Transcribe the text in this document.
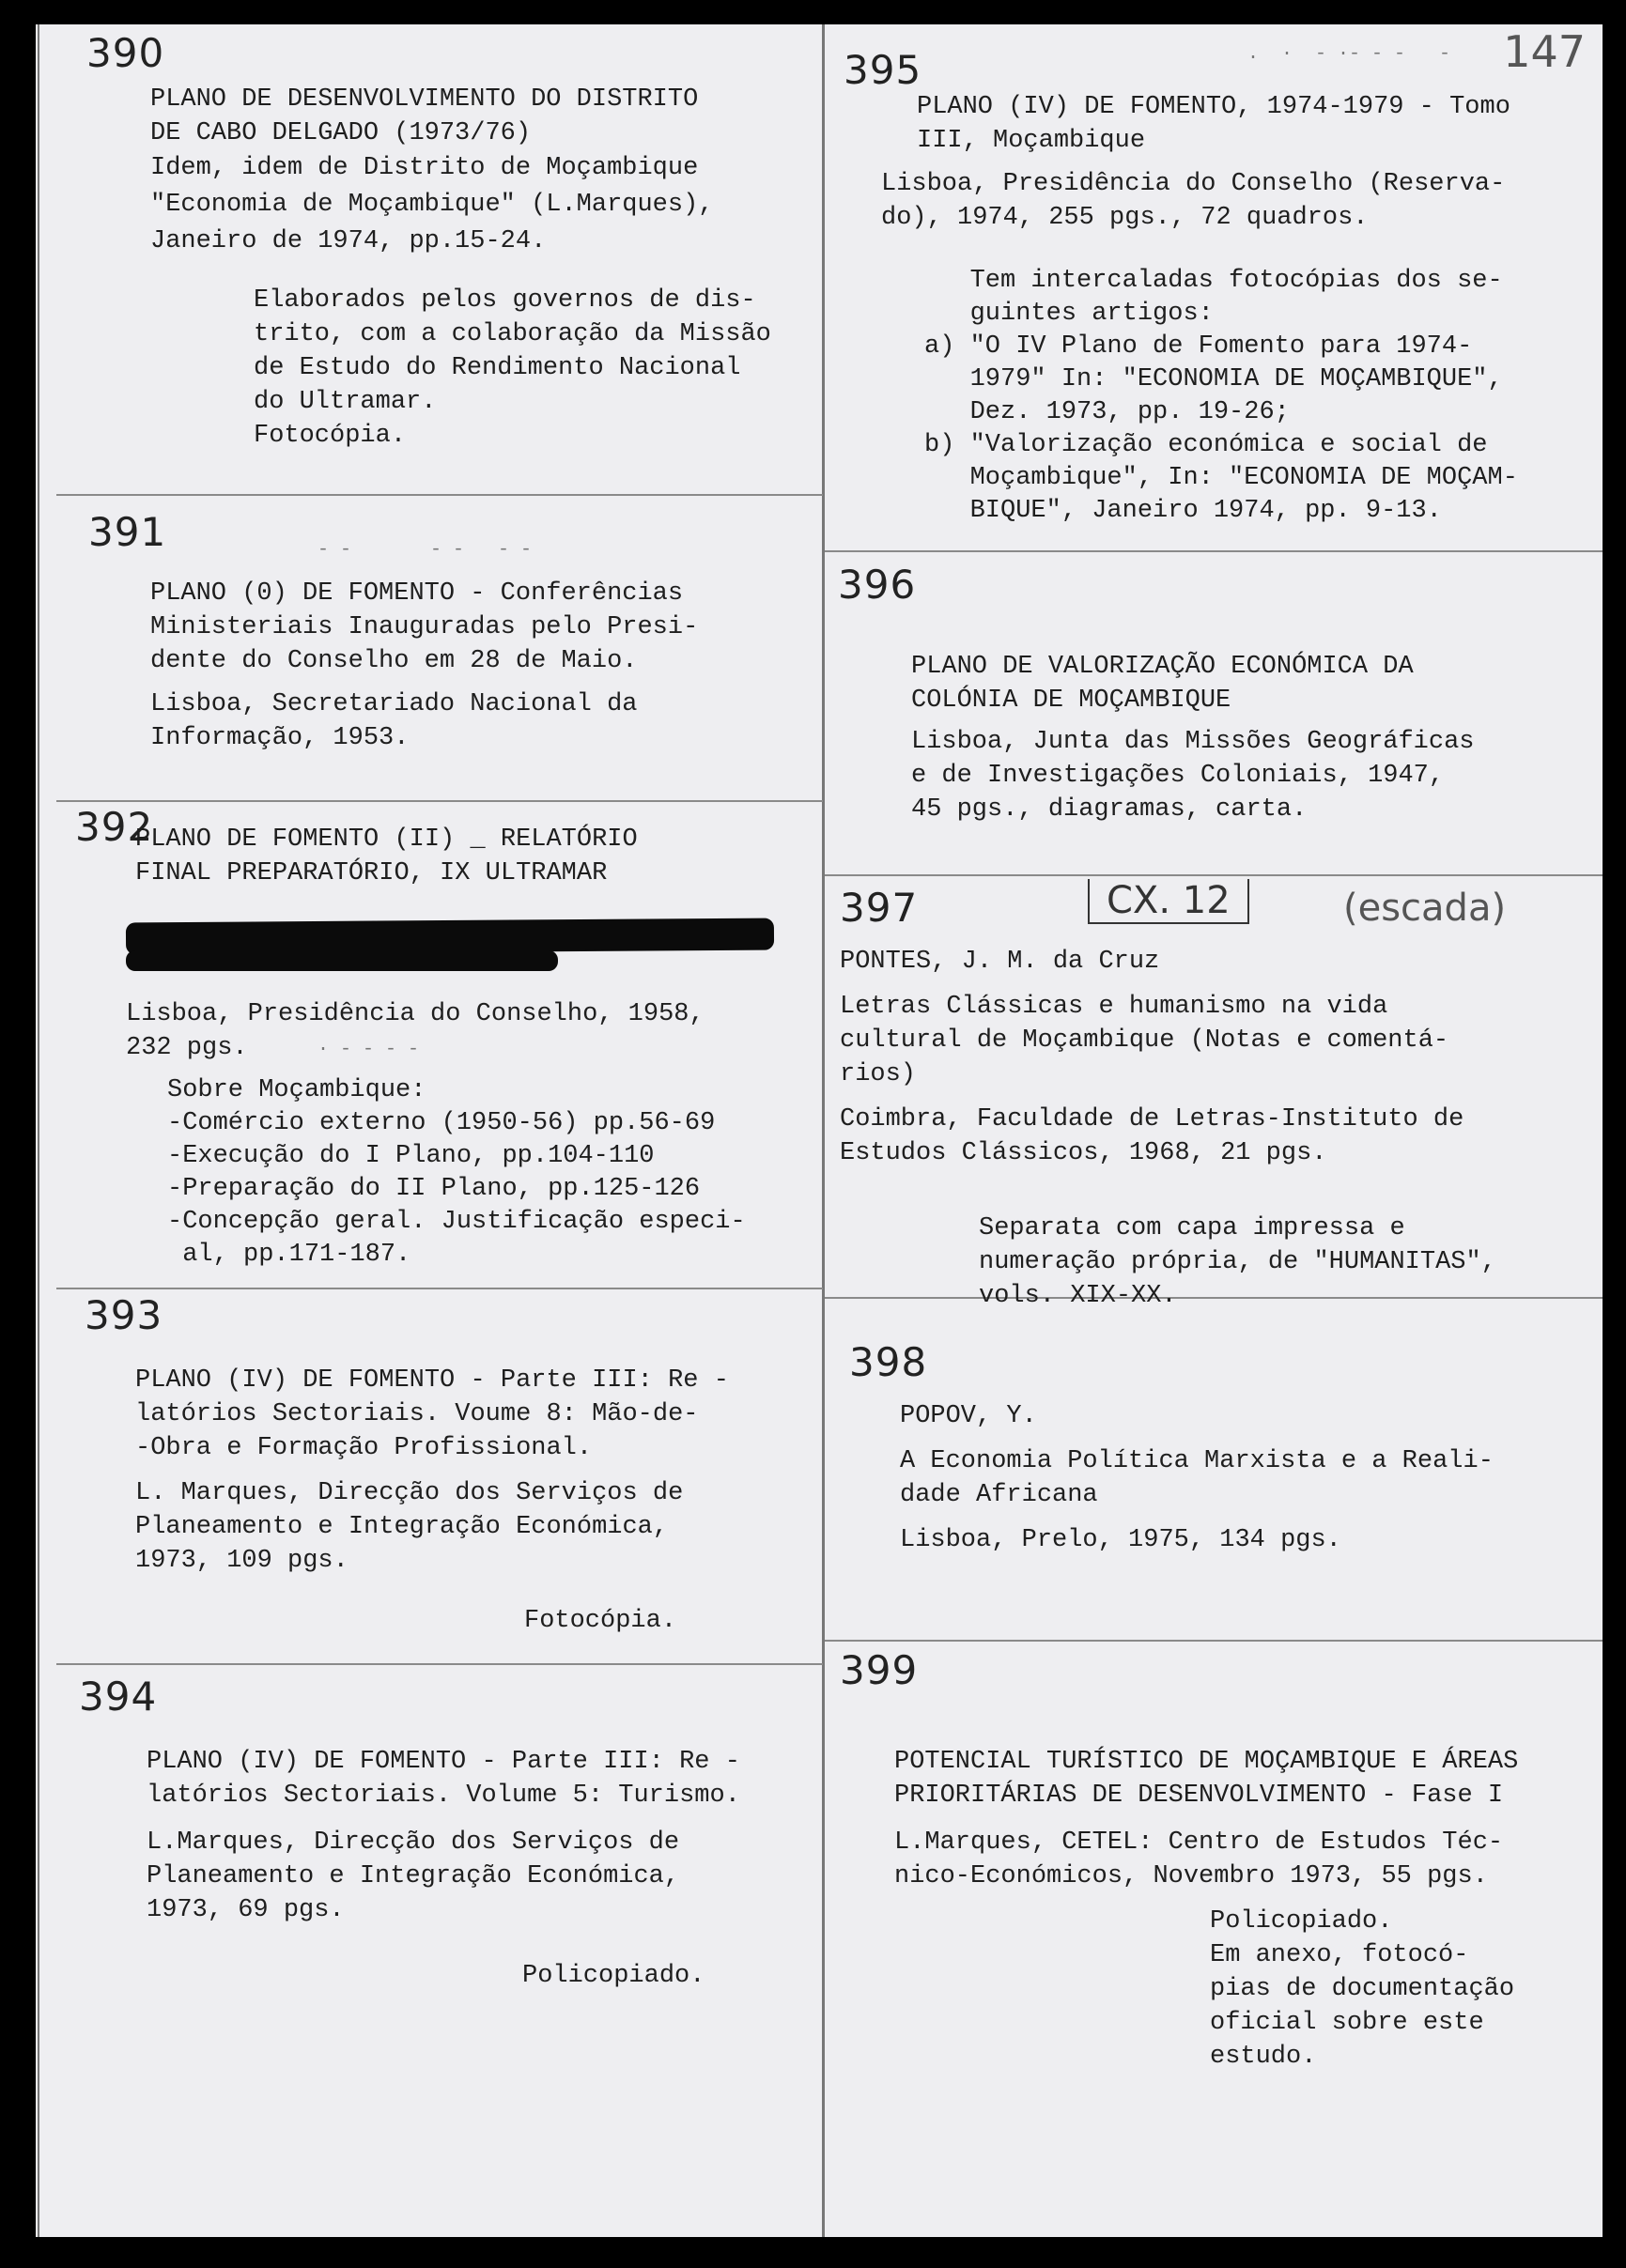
.  ·  - ·- - -   -
- -       - -   - -
· - - - -
147
390

PLANO DE DESENVOLVIMENTO DO DISTRITO
DE CABO DELGADO (1973/76)

Idem, idem de Distrito de Moçambique
"Economia de Moçambique" (L.Marques),
Janeiro de 1974, pp.15-24.

Elaborados pelos governos de dis-
trito, com a colaboração da Missão
de Estudo do Rendimento Nacional
do Ultramar.
Fotocópia.

391

PLANO (0) DE FOMENTO - Conferências
Ministeriais Inauguradas pelo Presi-
dente do Conselho em 28 de Maio.

Lisboa, Secretariado Nacional da
Informação, 1953.

392

PLANO DE FOMENTO (II) _ RELATÓRIO
FINAL PREPARATÓRIO, IX ULTRAMAR

Lisboa, Presidência do Conselho, 1958,
232 pgs.

Sobre Moçambique:
-Comércio externo (1950-56) pp.56-69
-Execução do I Plano, pp.104-110
-Preparação do II Plano, pp.125-126
-Concepção geral. Justificação especi-
al, pp.171-187.

393

PLANO (IV) DE FOMENTO - Parte III: Re -
latórios Sectoriais. Voume 8: Mão-de-
-Obra e Formação Profissional.

L. Marques, Direcção dos Serviços de
Planeamento e Integração Económica,
1973, 109 pgs.

Fotocópia.

394

PLANO (IV) DE FOMENTO - Parte III: Re -
latórios Sectoriais. Volume 5: Turismo.

L.Marques, Direcção dos Serviços de
Planeamento e Integração Económica,
1973, 69 pgs.

Policopiado.

395

PLANO (IV) DE FOMENTO, 1974-1979 - Tomo
III, Moçambique

Lisboa, Presidência do Conselho (Reserva-
do), 1974, 255 pgs., 72 quadros.

Tem intercaladas fotocópias dos se-
guintes artigos:
a) "O IV Plano de Fomento para 1974-
1979" In: "ECONOMIA DE MOÇAMBIQUE",
Dez. 1973, pp. 19-26;
b) "Valorização económica e social de
Moçambique", In: "ECONOMIA DE MOÇAM-
BIQUE", Janeiro 1974, pp. 9-13.

396

PLANO DE VALORIZAÇÃO ECONÓMICA DA
COLÓNIA DE MOÇAMBIQUE

Lisboa, Junta das Missões Geográficas
e de Investigações Coloniais, 1947,
45 pgs., diagramas, carta.

397	CX. 12	(escada)

PONTES, J. M. da Cruz

Letras Clássicas e humanismo na vida
cultural de Moçambique (Notas e comentá-
rios)

Coimbra, Faculdade de Letras-Instituto de
Estudos Clássicos, 1968, 21 pgs.

Separata com capa impressa e
numeração própria, de "HUMANITAS",
vols. XIX-XX.

398

POPOV, Y.

A Economia Política Marxista e a Reali-
dade Africana

Lisboa, Prelo, 1975, 134 pgs.

399

POTENCIAL TURÍSTICO DE MOÇAMBIQUE E ÁREAS
PRIORITÁRIAS DE DESENVOLVIMENTO - Fase I

L.Marques, CETEL: Centro de Estudos Téc-
nico-Económicos, Novembro 1973, 55 pgs.

Policopiado.
Em anexo, fotocó-
pias de documentação
oficial sobre este
estudo.
